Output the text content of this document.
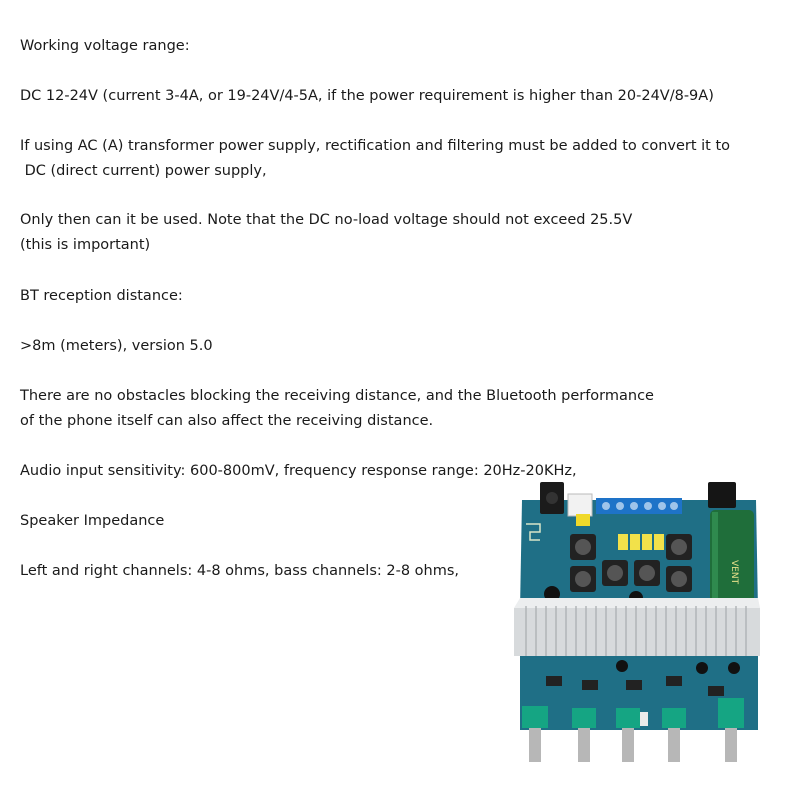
Working voltage range:
DC 12-24V (current 3-4A, or 19-24V/4-5A, if the power requirement is higher than 20-24V/8-9A)
If using AC (A) transformer power supply, rectification and filtering must be added to convert it to
DC (direct current) power supply,
Only then can it be used. Note that the DC no-load voltage should not exceed 25.5V
(this is important)
BT reception distance:
>8m (meters), version 5.0
There are no obstacles blocking the receiving distance, and the Bluetooth performance
of the phone itself can also affect the receiving distance.
Audio input sensitivity: 600-800mV, frequency response range: 20Hz-20KHz,
Speaker Impedance
Left and right channels: 4-8 ohms, bass channels: 2-8 ohms,	VENT
